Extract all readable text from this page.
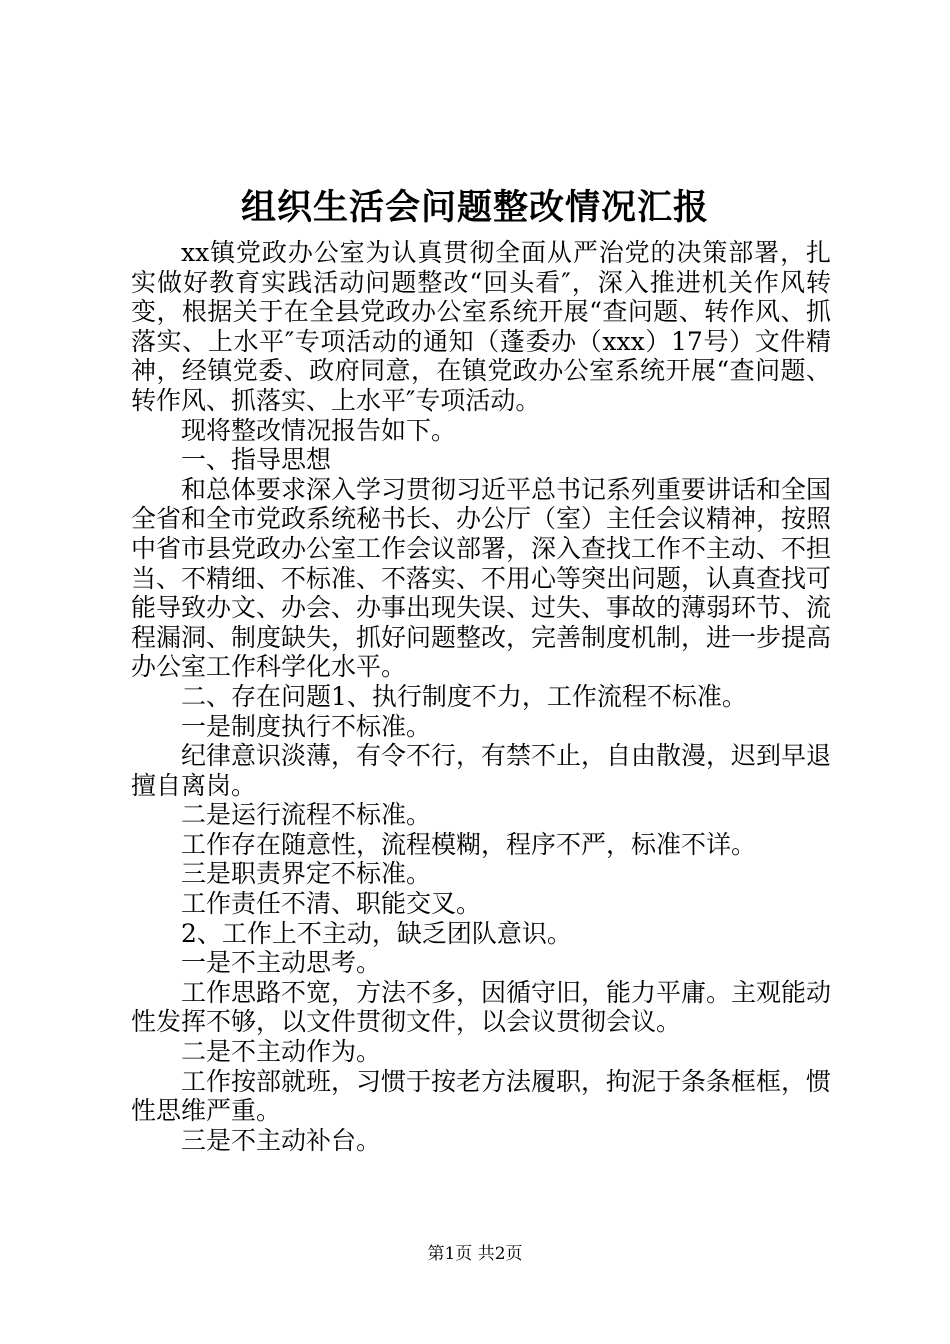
组织生活会问题整改情况汇报

xx镇党政办公室为认真贯彻全面从严治党的决策部署，扎实做好教育实践活动问题整改“回头看″，深入推进机关作风转变，根据关于在全县党政办公室系统开展“查问题、转作风、抓落实、上水平″专项活动的通知（蓬委办（xxx）17号）文件精神，经镇党委、政府同意，在镇党政办公室系统开展“查问题、转作风、抓落实、上水平″专项活动。

现将整改情况报告如下。

一、指导思想

和总体要求深入学习贯彻习近平总书记系列重要讲话和全国全省和全市党政系统秘书长、办公厅（室）主任会议精神，按照中省市县党政办公室工作会议部署，深入查找工作不主动、不担当、不精细、不标准、不落实、不用心等突出问题，认真查找可能导致办文、办会、办事出现失误、过失、事故的薄弱环节、流程漏洞、制度缺失，抓好问题整改，完善制度机制，进一步提高办公室工作科学化水平。

二、存在问题1、执行制度不力，工作流程不标准。

一是制度执行不标准。

纪律意识淡薄，有令不行，有禁不止，自由散漫，迟到早退擅自离岗。

二是运行流程不标准。

工作存在随意性，流程模糊，程序不严，标准不详。

三是职责界定不标准。

工作责任不清、职能交叉。

2、工作上不主动，缺乏团队意识。

一是不主动思考。

工作思路不宽，方法不多，因循守旧，能力平庸。主观能动性发挥不够，以文件贯彻文件，以会议贯彻会议。

二是不主动作为。

工作按部就班，习惯于按老方法履职，拘泥于条条框框，惯性思维严重。

三是不主动补台。

第1页 共2页
